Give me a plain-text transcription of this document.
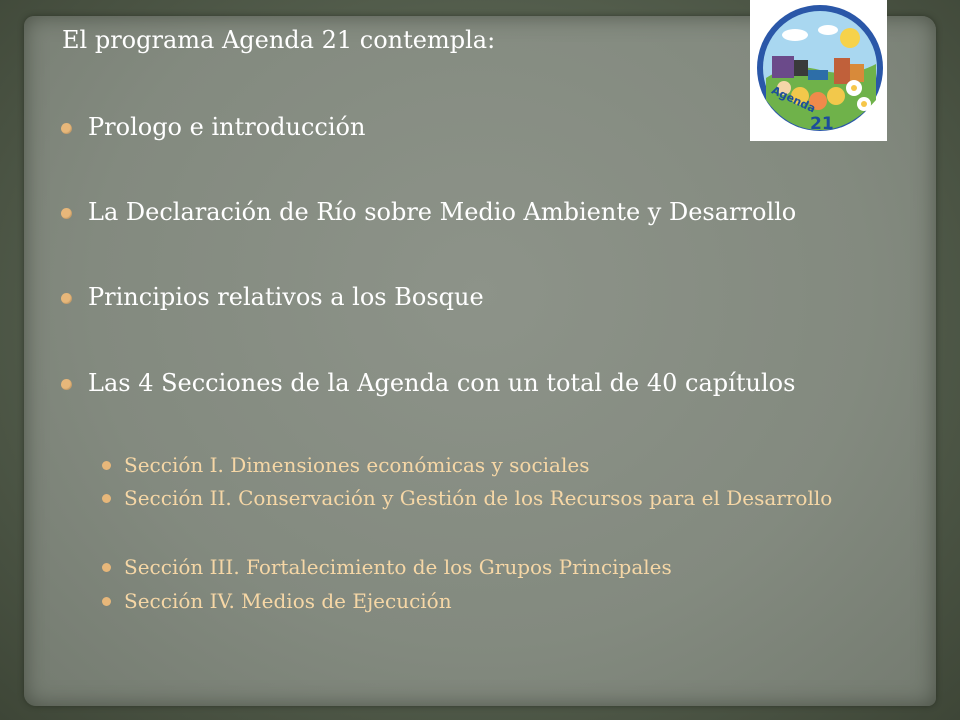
El programa Agenda 21 contempla:
Prologo e introducción
La Declaración de Río sobre Medio Ambiente y Desarrollo
Principios relativos a los Bosque
Las 4 Secciones de la Agenda con un total de 40 capítulos
Sección I. Dimensiones económicas y sociales
Sección II. Conservación y Gestión de los Recursos para el Desarrollo
Sección III. Fortalecimiento de los Grupos Principales
Sección IV. Medios de Ejecución
Agenda
21
